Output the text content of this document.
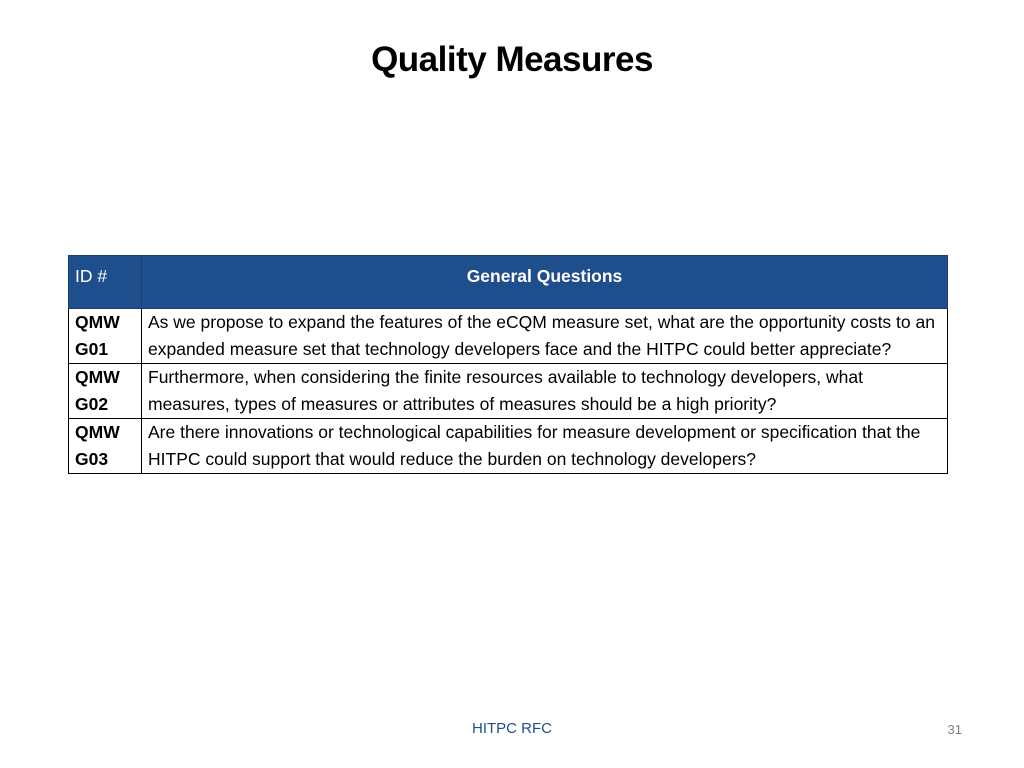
Quality Measures
ID #	General Questions
QMW
G01	As we propose to expand the features of the eCQM measure set, what are the opportunity costs to an expanded measure set that technology developers face and the HITPC could better appreciate?
QMW
G02	Furthermore, when considering the finite resources available to technology developers, what measures, types of measures or attributes of measures should be a high priority?
QMW
G03	Are there innovations or technological capabilities for measure development or specification that the HITPC could support that would reduce the burden on technology developers?
HITPC RFC	31
